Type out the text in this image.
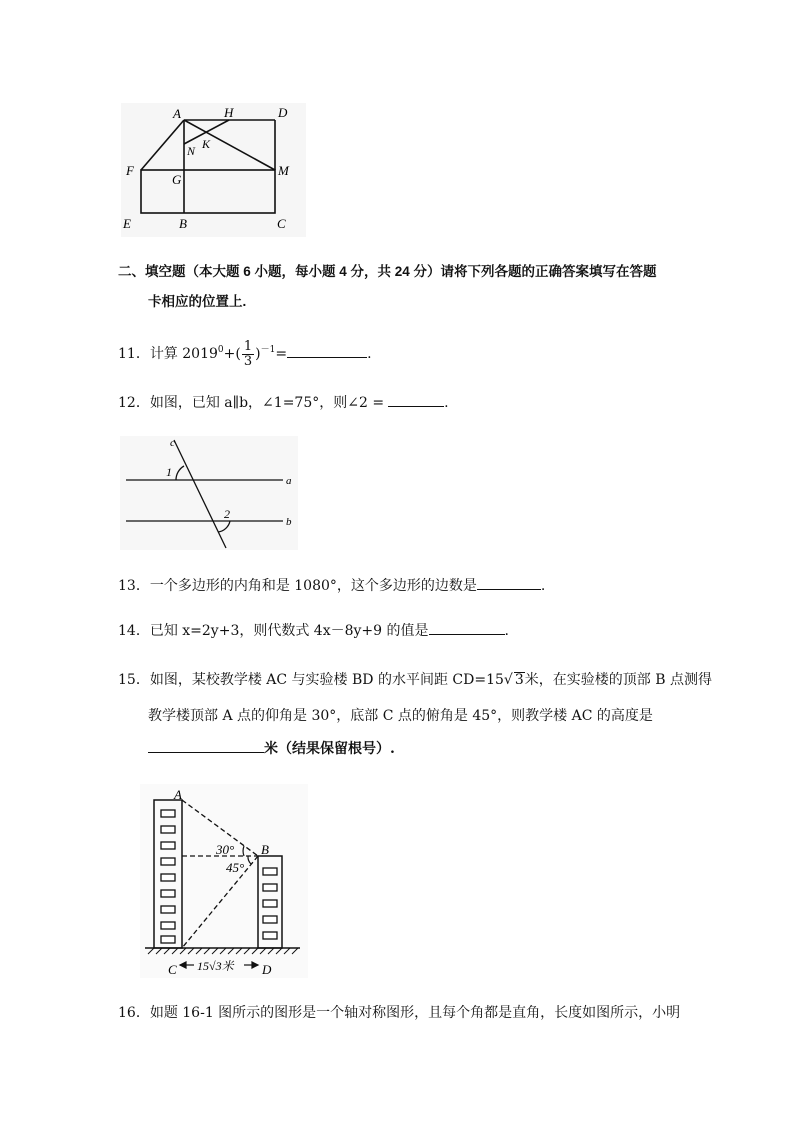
A	H	D
N K
F
G
M
E	B	C
二、填空题（本大题 6 小题，每小题 4 分，共 24 分）请将下列各题的正确答案填写在答题
卡相应的位置上.
11．计算 $2019^0+( \frac{1}{3} )^{-1}=$	.
12．如图，已知 a∥b，∠1=75°，则∠2 =	.
c
1
a
2
b
13．一个多边形的内角和是 1080°，这个多边形的边数是	.
14．已知 x=2y+3，则代数式 4x－8y+9 的值是	.
15．如图，某校教学楼 AC 与实验楼 BD 的水平间距 CD=15√ 3米，在实验楼的顶部 B 点测得
教学楼顶部 A 点的仰角是 30°，底部 C 点的俯角是 45°，则教学楼 AC 的高度是
米（结果保留根号）.
A
B
30°
45°
C	D
15√3米
16．如题 16-1 图所示的图形是一个轴对称图形，且每个角都是直角，长度如图所示，小明
